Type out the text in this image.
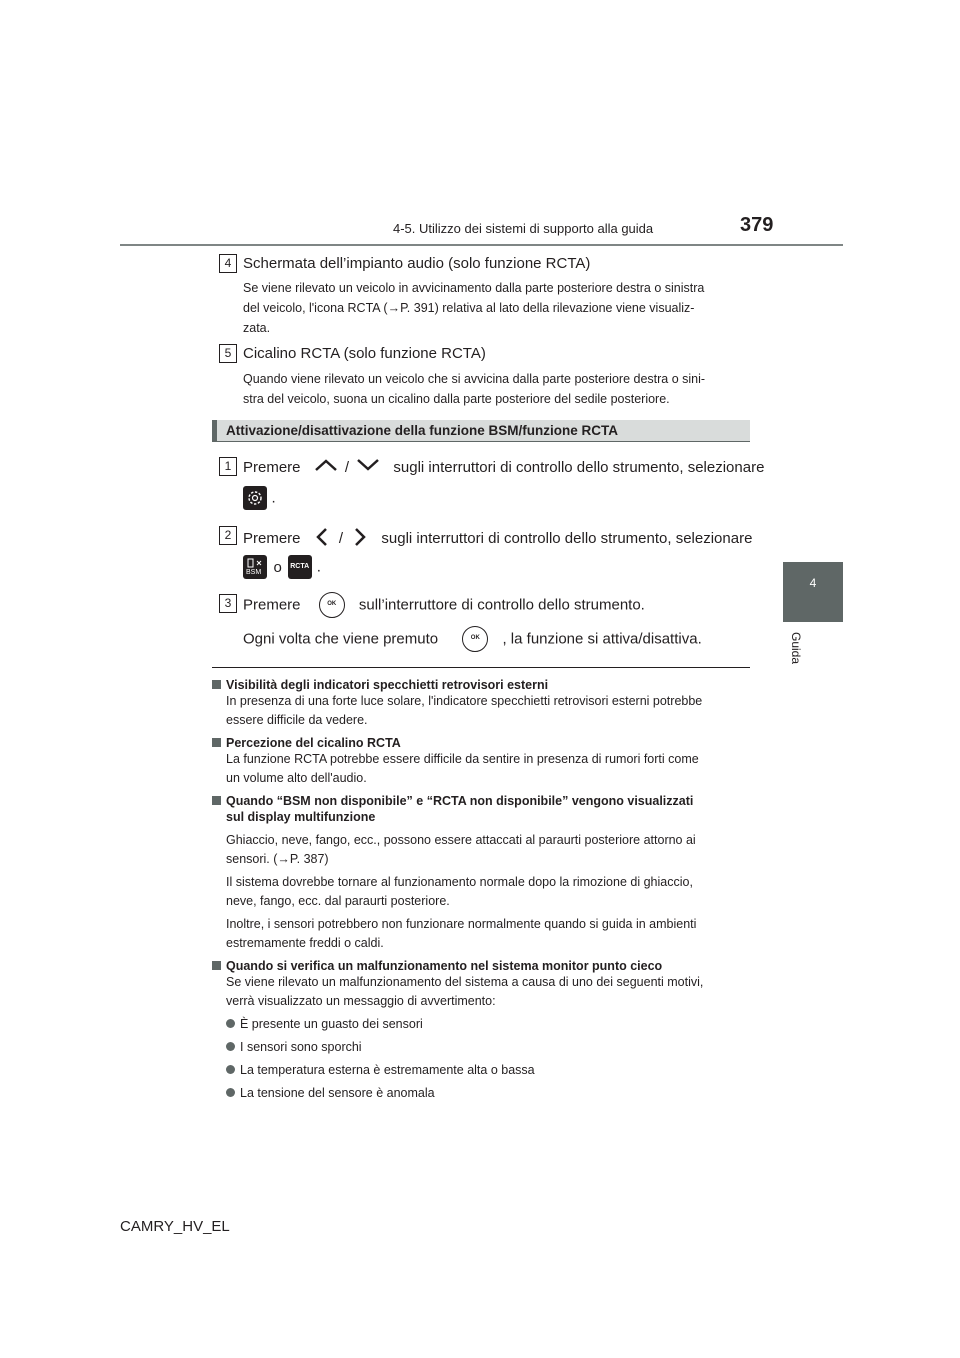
4-5. Utilizzo dei sistemi di supporto alla guida	379
4
Guida
4 Schermata dell’impianto audio (solo funzione RCTA)
Se viene rilevato un veicolo in avvicinamento dalla parte posteriore destra o sinistra
del veicolo, l'icona RCTA (→P. 391) relativa al lato della rilevazione viene visualiz-
zata.
5 Cicalino RCTA (solo funzione RCTA)
Quando viene rilevato un veicolo che si avvicina dalla parte posteriore destra o sini-
stra del veicolo, suona un cicalino dalla parte posteriore del sedile posteriore.
Attivazione/disattivazione della funzione BSM/funzione RCTA
1 Premere	/	sugli interruttori di controllo dello strumento, selezionare
.
2 Premere	/	sugli interruttori di controllo dello strumento, selezionare
BSM o RCTA .
3 Premere	OK sull’interruttore di controllo dello strumento.
Ogni volta che viene premuto	OK , la funzione si attiva/disattiva.
Visibilità degli indicatori specchietti retrovisori esterni
In presenza di una forte luce solare, l'indicatore specchietti retrovisori esterni potrebbe
essere difficile da vedere.
Percezione del cicalino RCTA
La funzione RCTA potrebbe essere difficile da sentire in presenza di rumori forti come
un volume alto dell'audio.
Quando “BSM non disponibile” e “RCTA non disponibile” vengono visualizzati
sul display multifunzione
Ghiaccio, neve, fango, ecc., possono essere attaccati al paraurti posteriore attorno ai
sensori. (→P. 387)
Il sistema dovrebbe tornare al funzionamento normale dopo la rimozione di ghiaccio,
neve, fango, ecc. dal paraurti posteriore.
Inoltre, i sensori potrebbero non funzionare normalmente quando si guida in ambienti
estremamente freddi o caldi.
Quando si verifica un malfunzionamento nel sistema monitor punto cieco
Se viene rilevato un malfunzionamento del sistema a causa di uno dei seguenti motivi,
verrà visualizzato un messaggio di avvertimento:
È presente un guasto dei sensori
I sensori sono sporchi
La temperatura esterna è estremamente alta o bassa
La tensione del sensore è anomala
CAMRY_HV_EL
